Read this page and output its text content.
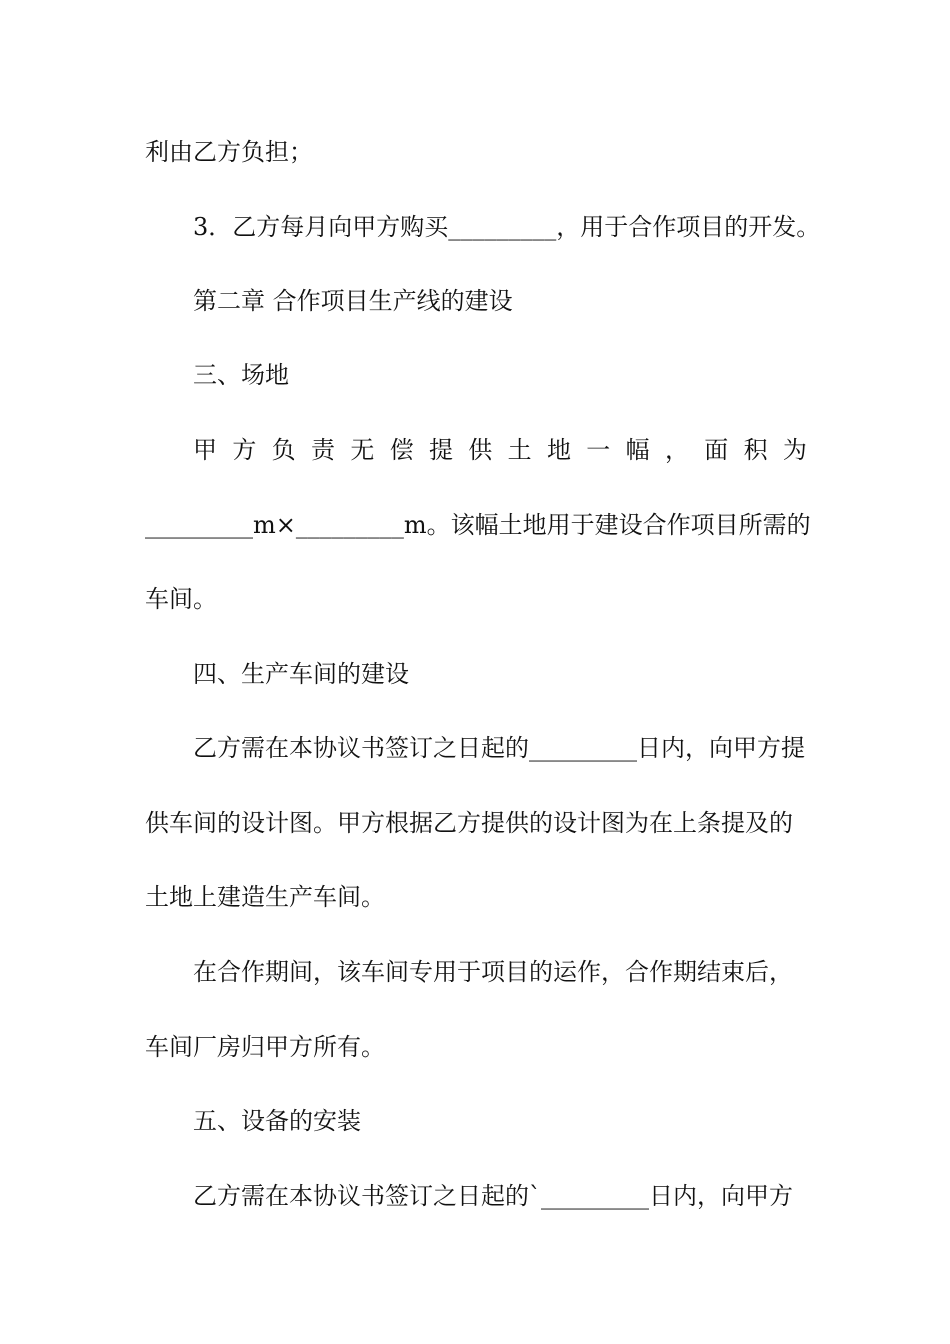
利由乙方负担；
3．乙方每月向甲方购买_________，用于合作项目的开发。
第二章 合作项目生产线的建设
三、场地
甲 方 负 责 无 偿 提 供 土 地 一 幅 ， 面 积 为
_________m×_________m。该幅土地用于建设合作项目所需的
车间。
四、生产车间的建设
乙方需在本协议书签订之日起的_________日内，向甲方提
供车间的设计图。甲方根据乙方提供的设计图为在上条提及的
土地上建造生产车间。
在合作期间，该车间专用于项目的运作，合作期结束后，
车间厂房归甲方所有。
五、设备的安装
乙方需在本协议书签订之日起的`_________日内，向甲方
